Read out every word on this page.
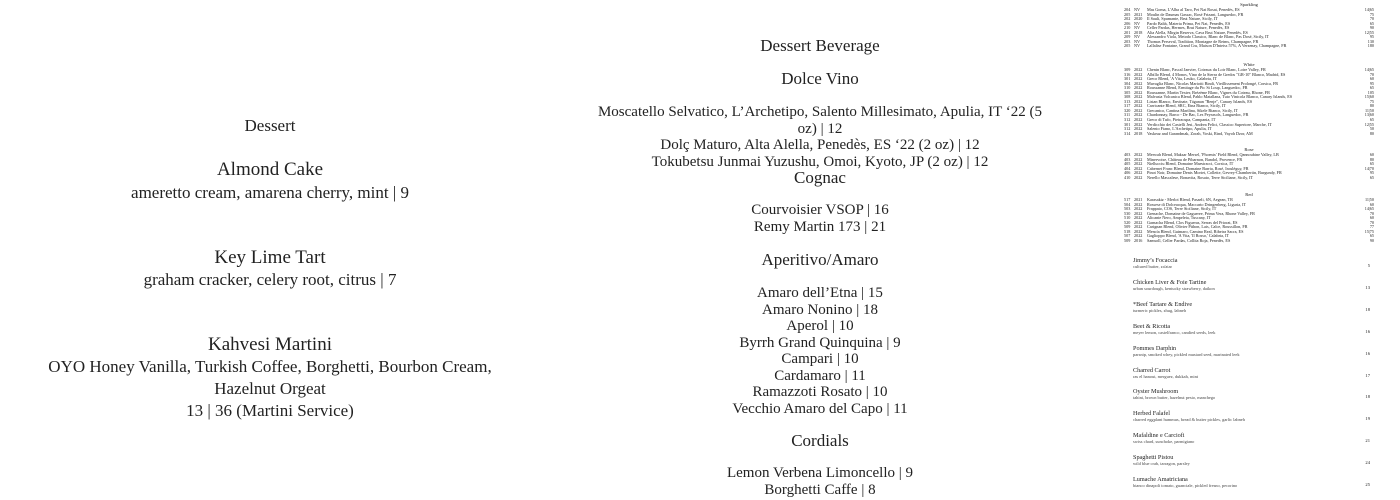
Dessert
Almond Cake
ameretto cream, amarena cherry, mint | 9
Key Lime Tart
graham cracker, celery root, citrus | 7
Kahvesi Martini
OYO Honey Vanilla, Turkish Coffee, Borghetti, Bourbon Cream,
Hazelnut Orgeat
13 | 36 (Martini Service)
Dessert Beverage
Dolce Vino
Moscatello Selvatico, L’Archetipo, Salento Millesimato, Apulia, IT ‘22 (5 oz) | 12
Dolç Maturo, Alta Alella, Penedès, ES ‘22 (2 oz) | 12
Tokubetsu Junmai Yuzushu, Omoi, Kyoto, JP (2 oz) | 12
Cognac
Courvoisier VSOP | 16
Remy Martin 173 | 21
Aperitivo/Amaro
Amaro dell’Etna | 15
Amaro Nonino | 18
Aperol | 10
Byrrh Grand Quinquina | 9
Campari | 10
Cardamaro | 11
Ramazzoti Rosato | 10
Vecchio Amaro del Capo | 11
Cordials
Lemon Verbena Limoncello | 9
Borghetti Caffe | 8
Sparkling
204 NV	Mas Goma, L'Alba al Taro, Pet Nat Rosat, Penedès, ES	14|65
205 2021	Moulin de Daumas Gassac, Rosé Frizant, Languedoc, FR	75
202 2020	Il Sauli, Spumante, Brut Nature, Sicily, IT	70
206 NV	Pardo Baltà, Materia Prima, Pet Nat, Penedès, ES	65
210 NV	Celler Pardas, Hermes, Brut Nature, Penedès, ES	90
201 2018	Alta Alella, Mirgin Reserva, Cava Brut Nature, Penedès, ES	12|55
209 NV	Alessandro Viola, Metodo Classico, Blanc de Blanc, Pas Dosé, Sicily, IT	95
203 NV	Thomas Perseval, Tradition, Montagne de Reims, Champagne, FR	130
205 NV	Lallalise Fontaine, Grand Cru, Maison D'Inteiss 57%, A Verzenay, Champagne, FR	180
White
309 2022	Chenin Blanc, Pascal Janvier, Coteaux du Loir Blanc, Loire Valley, FR	14|65
316 2022	Albillo Blend, 4 Monos, Vino de la Sierra de Gredos "GR-10" Blanco, Madrid, ES	70
301 2022	Greco Blend, 'A Vita, Leuko, Calabria, IT	60
304 2022	Muvaglia Blanc, Nicolas Mariotti Bindi, Vieillissement Prolongé, Corsica, FR	95
310 2022	Roussanne Blend, Ermitage du Pic St Loup, Languedoc, FR	65
305 2022	Roussanne, Martin Texier, Brézème Blanc, Vignes du Coteau, Rhone, FR	105
308 2022	Malvasia Volcanica Blend, Pablo Matallana, Tuto Vinicola Blanco, Canary Islands, ES	15|60
313 2022	Listan Blanco, Envínate, Táganan "Benje", Canary Islands, ES	75
317 2022	Carricante Blend, SRC, Etna Bianco, Sicily, IT	80
320 2022	Grecanico, Cantina Marilina, Sikele Bianco, Sicily, IT	11|50
311 2022	Chardonnay, Barco - De Bac, Les Peyrasols, Languedoc, FR	13|60
312 2022	Greco di Tufo, Pietracupa, Campania, IT	65
301 2022	Verdicchio dei Castelli Jesi, Andrea Felici, Classico Superiore, Marche, IT	12|55
312 2022	Salento Fiano, L'Archetipo, Apulia, IT	50
314 2018	Vaskeaz and Garandmak, Zorah, Voski, Rind, Vayoh Dzor, AM	80
Rose
403 2022	Merwah Blend, Maksar Mersel, 'Phoenix' Field Blend, Qannoubine Valley, LB	60
403 2022	Minervoise, Château de Pibarnon, Bandol, Provence, FR	80
405 2022	Niellucciu Blend, Domaine Maestracci, Corsica, IT	65
404 2022	Cabernet Franc Blend, Domaine Barria, Rosé, Irouléguy, FR	14|70
406 2022	Pinot Noir, Domaine Denis Mortet, Collette, Gevrey-Chambertin, Burgundy, FR	95
410 2022	Nerello Mascalese, Bonavita, Rosato, Terre Siciliane, Sicily, IT	65
Red
517 2021	Karasakiz - Merlot Blend, Pasaeli, 6N, Aegean, TR	11|50
504 2022	Rossese di Dolceacqua, Maccario Dringenberg, Liguria, IT	60
503 2022	Frappato, COS, Terre Siciliane, Sicily, IT	14|65
530 2022	Grenache, Domaine de Gagueree, Prima Vera, Rhone Valley, FR	70
510 2022	Alicante Nero, Ampeleia, Tuscany, IT	60
520 2022	Garnacha Blend, Clos Figueras, Serras del Priorat, ES	70
509 2022	Carignan Blend, Olivier Pithon, Lais, Calce, Roussillon, FR	77
518 2022	Mencía Blend, Guimaro, Camino Real, Ribeira Sacra, ES	15|75
507 2022	Gaglioppo Blend, 'A Vita, 'Il Rosso,' Calabria, IT	65
509 2016	Samsoll, Celler Pardas, Collita Roja, Penedès, ES	90
Jimmy’s Focaccia
cultured butter, za'atar	5
Chicken Liver & Foie Tartine
urban sourdough, kentucky strawberry, daikon	13
*Beef Tartare & Endive
turmeric pickles, zhug, labneh	18
Beet & Ricotta
meyer lemon, castelfranco, candied seeds, leek	16
Pommes Darphin
parsnip, smoked whey, pickled mustard seed, marinated leek	16
Charred Carrot
ras el hanout, merguez, dukkah, mint	17
Oyster Mushroom
tahini, brown butter, hazelnut pesto, manchego	18
Herbed Falafel
charred eggplant hummus, bread & butter pickles, garlic labneh	19
Mafaldine e Carciofi
swiss chard, sunchoke, parmigiano	21
Spaghetti Pistou
wild blue crab, tarragon, parsley	24
Lumache Amatriciana
bianco dinapoli tomato, guanciale, pickled fresno, pecorino	25
